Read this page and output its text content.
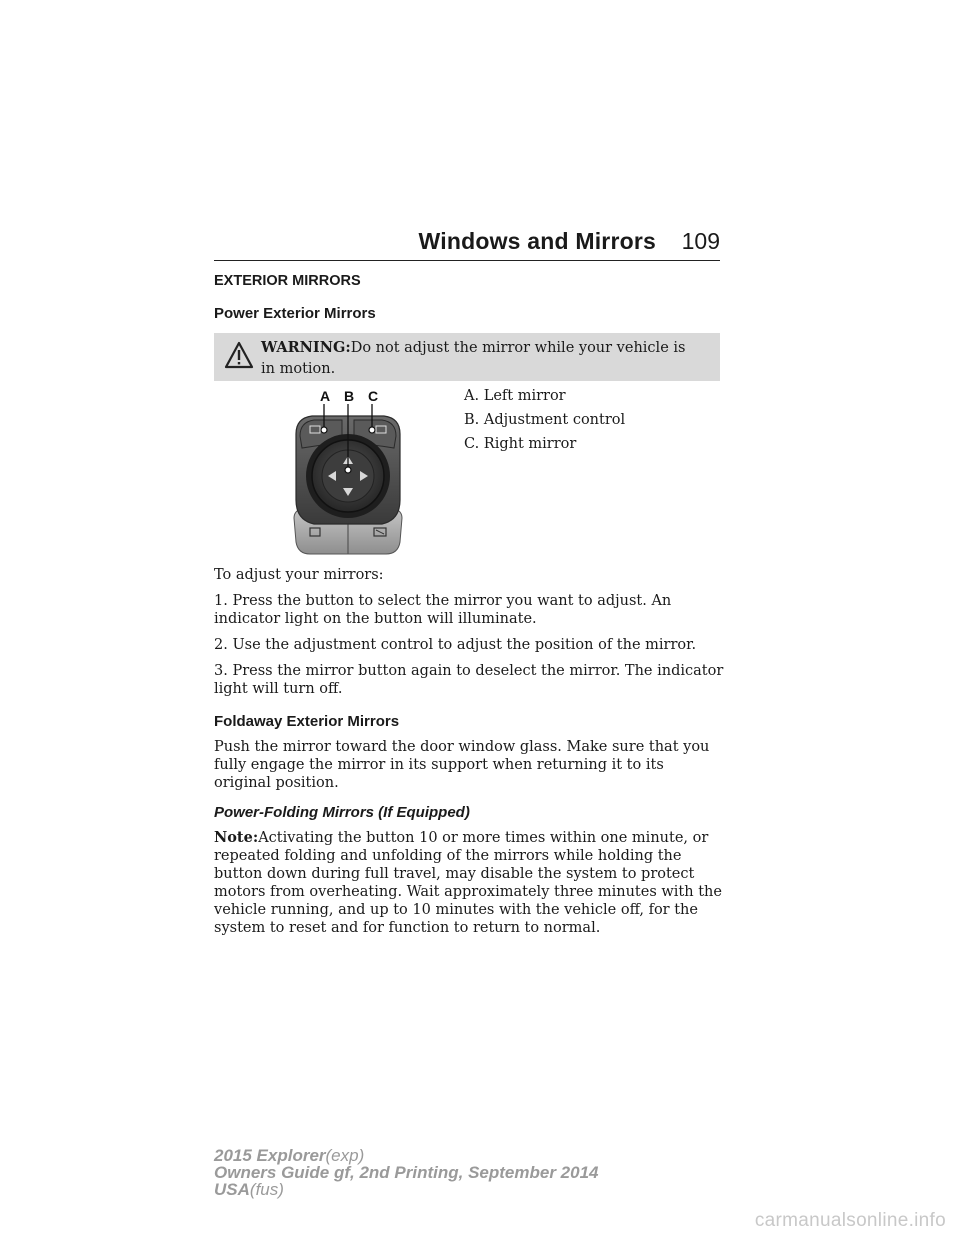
Windows and Mirrors 109
EXTERIOR MIRRORS
Power Exterior Mirrors
WARNING:Do not adjust the mirror while your vehicle is in motion.
A B C	A. Left mirror
B. Adjustment control
C. Right mirror

To adjust your mirrors:

1. Press the button to select the mirror you want to adjust. An indicator light on the button will illuminate.

2. Use the adjustment control to adjust the position of the mirror.

3. Press the mirror button again to deselect the mirror. The indicator light will turn off.

Foldaway Exterior Mirrors

Push the mirror toward the door window glass. Make sure that you fully engage the mirror in its support when returning it to its original position.

Power-Folding Mirrors (If Equipped)

Note:Activating the button 10 or more times within one minute, or repeated folding and unfolding of the mirrors while holding the button down during full travel, may disable the system to protect motors from overheating. Wait approximately three minutes with the vehicle running, and up to 10 minutes with the vehicle off, for the system to reset and for function to return to normal.

2015 Explorer(exp)
Owners Guide gf, 2nd Printing, September 2014
USA(fus)
carmanualsonline.info
